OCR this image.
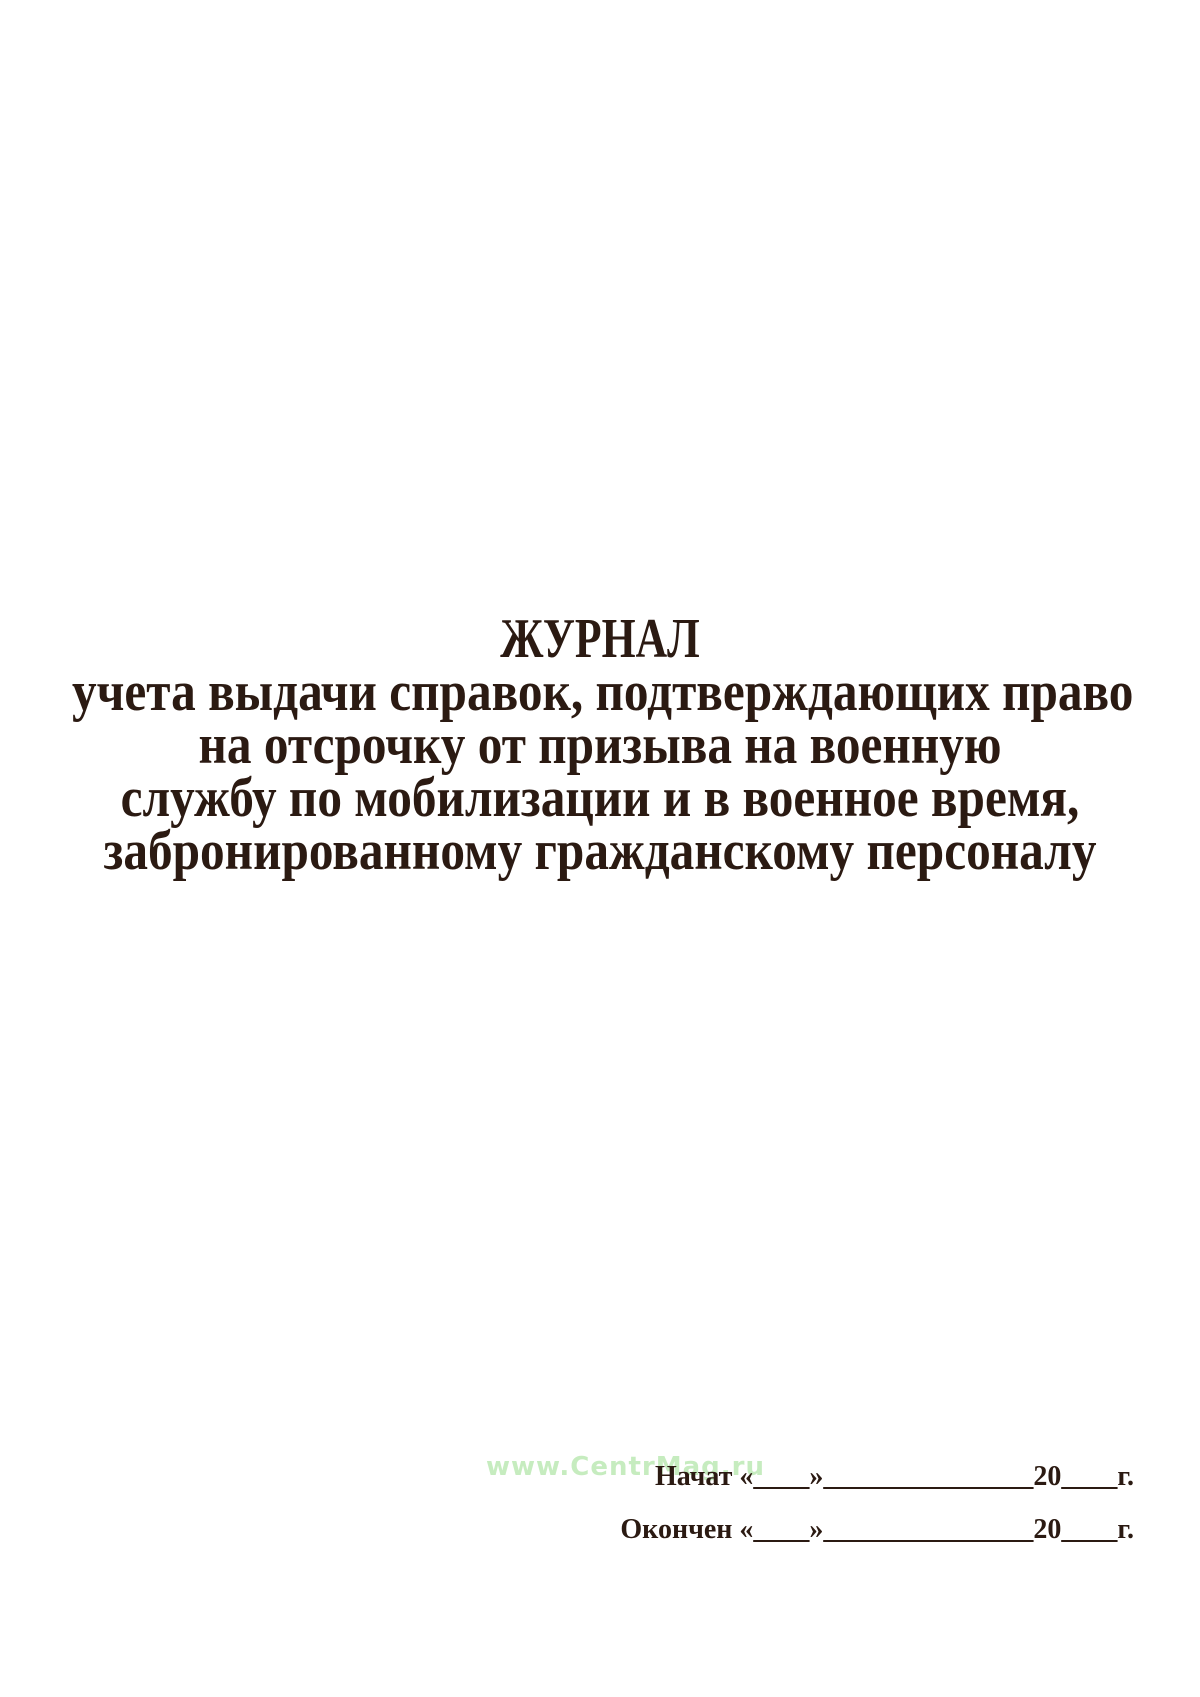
ЖУРНАЛ
учета выдачи справок, подтверждающих право
на отсрочку от призыва на военную
службу по мобилизации и в военное время,
забронированному гражданскому персоналу
www.CentrMag.ru
Начат «____»_______________20____г.
Окончен «____»_______________20____г.
